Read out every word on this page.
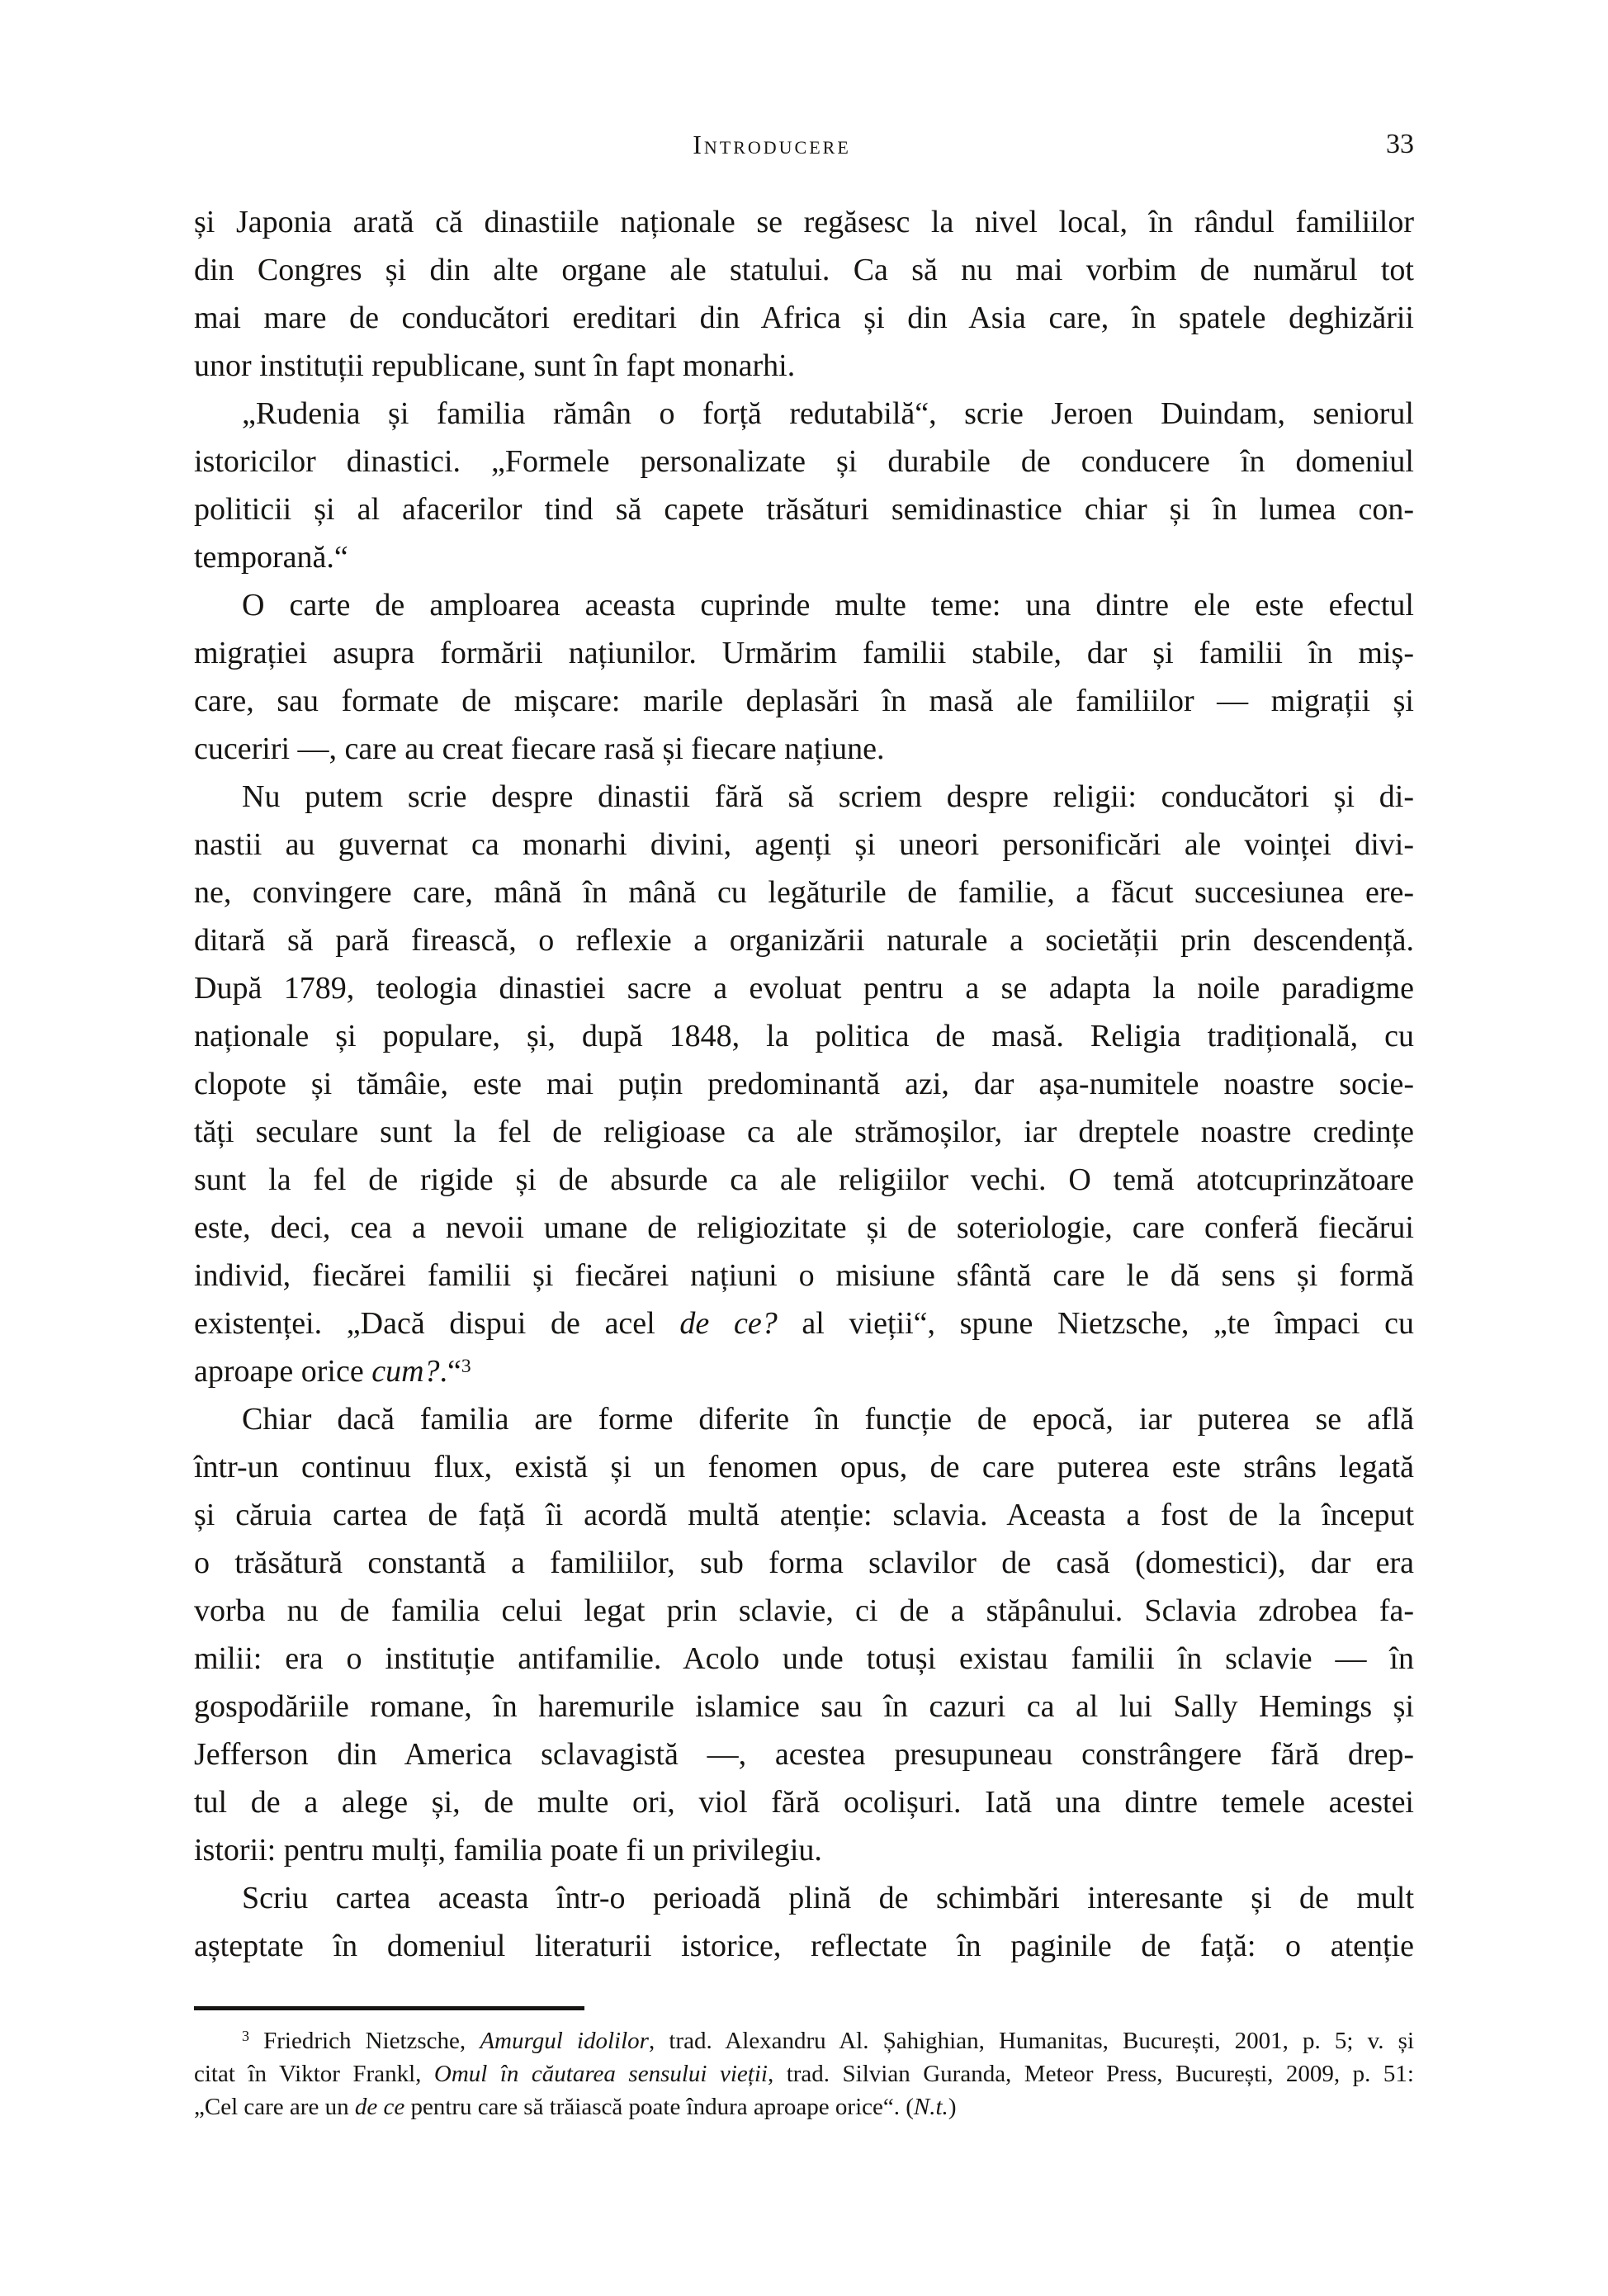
Introducere	33
și Japonia arată că dinastiile naționale se regăsesc la nivel local, în rândul familiilor
din Congres și din alte organe ale statului. Ca să nu mai vorbim de numărul tot
mai mare de conducători ereditari din Africa și din Asia care, în spatele deghizării
unor instituții republicane, sunt în fapt monarhi.
„Rudenia și familia rămân o forță redutabilă“, scrie Jeroen Duindam, seniorul
istoricilor dinastici. „Formele personalizate și durabile de conducere în domeniul
politicii și al afacerilor tind să capete trăsături semidinastice chiar și în lumea con-
temporană.“
O carte de amploarea aceasta cuprinde multe teme: una dintre ele este efectul
migrației asupra formării națiunilor. Urmărim familii stabile, dar și familii în miș-
care, sau formate de mișcare: marile deplasări în masă ale familiilor — migrații și
cuceriri —, care au creat fiecare rasă și fiecare națiune.
Nu putem scrie despre dinastii fără să scriem despre religii: conducători și di-
nastii au guvernat ca monarhi divini, agenți și uneori personificări ale voinței divi-
ne, convingere care, mână în mână cu legăturile de familie, a făcut succesiunea ere-
ditară să pară firească, o reflexie a organizării naturale a societății prin descendență.
După 1789, teologia dinastiei sacre a evoluat pentru a se adapta la noile paradigme
naționale și populare, și, după 1848, la politica de masă. Religia tradițională, cu
clopote și tămâie, este mai puțin predominantă azi, dar așa-numitele noastre socie-
tăți seculare sunt la fel de religioase ca ale strămoșilor, iar dreptele noastre credințe
sunt la fel de rigide și de absurde ca ale religiilor vechi. O temă atotcuprinzătoare
este, deci, cea a nevoii umane de religiozitate și de soteriologie, care conferă fiecărui
individ, fiecărei familii și fiecărei națiuni o misiune sfântă care le dă sens și formă
existenței. „Dacă dispui de acel de ce? al vieții“, spune Nietzsche, „te împaci cu
aproape orice cum?.“$^3$
Chiar dacă familia are forme diferite în funcție de epocă, iar puterea se află
într-un continuu flux, există și un fenomen opus, de care puterea este strâns legată
și căruia cartea de față îi acordă multă atenție: sclavia. Aceasta a fost de la început
o trăsătură constantă a familiilor, sub forma sclavilor de casă (domestici), dar era
vorba nu de familia celui legat prin sclavie, ci de a stăpânului. Sclavia zdrobea fa-
milii: era o instituție antifamilie. Acolo unde totuși existau familii în sclavie — în
gospodăriile romane, în haremurile islamice sau în cazuri ca al lui Sally Hemings și
Jefferson din America sclavagistă —, acestea presupuneau constrângere fără drep-
tul de a alege și, de multe ori, viol fără ocolișuri. Iată una dintre temele acestei
istorii: pentru mulți, familia poate fi un privilegiu.
Scriu cartea aceasta într-o perioadă plină de schimbări interesante și de mult
așteptate în domeniul literaturii istorice, reflectate în paginile de față: o atenție
$^3$ Friedrich Nietzsche, Amurgul idolilor, trad. Alexandru Al. Șahighian, Humanitas, București, 2001, p. 5; v. și
citat în Viktor Frankl, Omul în căutarea sensului vieții, trad. Silvian Guranda, Meteor Press, București, 2009, p. 51:
„Cel care are un de ce pentru care să trăiască poate îndura aproape orice“. (N.t.)
